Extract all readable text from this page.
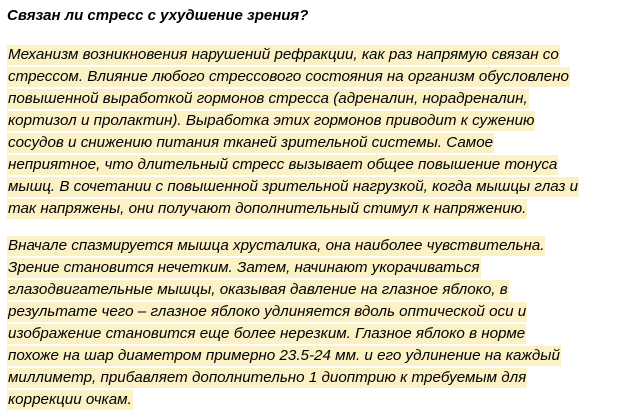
Связан ли стресс с ухудшение зрения?
Механизм возникновения нарушений рефракции, как раз напрямую связан со
стрессом. Влияние любого стрессового состояния на организм обусловлено
повышенной выработкой гормонов стресса (адреналин, норадреналин,
кортизол и пролактин). Выработка этих гормонов приводит к сужению
сосудов и снижению питания тканей зрительной системы. Самое
неприятное, что длительный стресс вызывает общее повышение тонуса
мышц. В сочетании с повышенной зрительной нагрузкой, когда мышцы глаз и
так напряжены, они получают дополнительный стимул к напряжению.
Вначале спазмируется мышца хрусталика, она наиболее чувствительна.
Зрение становится нечетким. Затем, начинают укорачиваться
глазодвигательные мышцы, оказывая давление на глазное яблоко, в
результате чего – глазное яблоко удлиняется вдоль оптической оси и
изображение становится еще более нерезким. Глазное яблоко в норме
похоже на шар диаметром примерно 23.5-24 мм. и его удлинение на каждый
миллиметр, прибавляет дополнительно 1 диоптрию к требуемым для
коррекции очкам.
